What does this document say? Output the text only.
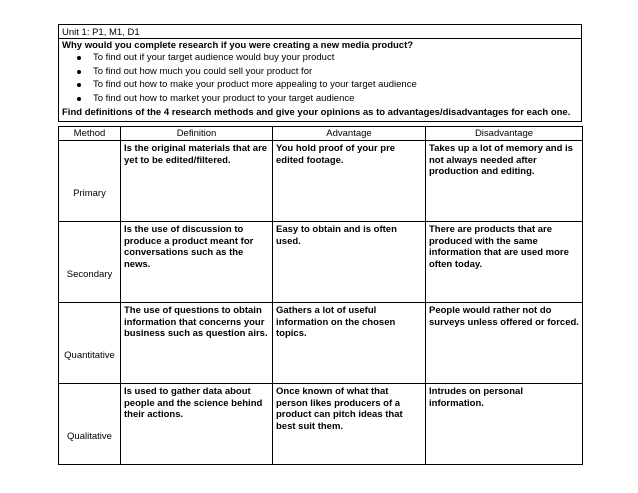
Unit 1: P1, M1, D1
Why would you complete research if you were creating a new media product?
To find out if your target audience would buy your product
To find out how much you could sell your product for
To find out how to make your product more appealing to your target audience
To find out how to market your product to your target audience
Find definitions of the 4 research methods and give your opinions as to advantages/disadvantages for each one.
Method	Definition	Advantage	Disadvantage
Primary	Is the original materials that are yet to be edited/filtered.	You hold proof of your pre edited footage.	Takes up a lot of memory and is not always needed after production and editing.
Secondary	Is the use of discussion to produce a product meant for conversations such as the news.	Easy to obtain and is often used.	There are products that are produced with the same information that are used more often today.
Quantitative	The use of questions to obtain information that concerns your business such as question airs.	Gathers a lot of useful information on the chosen topics.	People would rather not do surveys unless offered or forced.
Qualitative	Is used to gather data about people and the science behind their actions.	Once known of what that person likes producers of a product can pitch ideas that best suit them.	Intrudes on personal information.
